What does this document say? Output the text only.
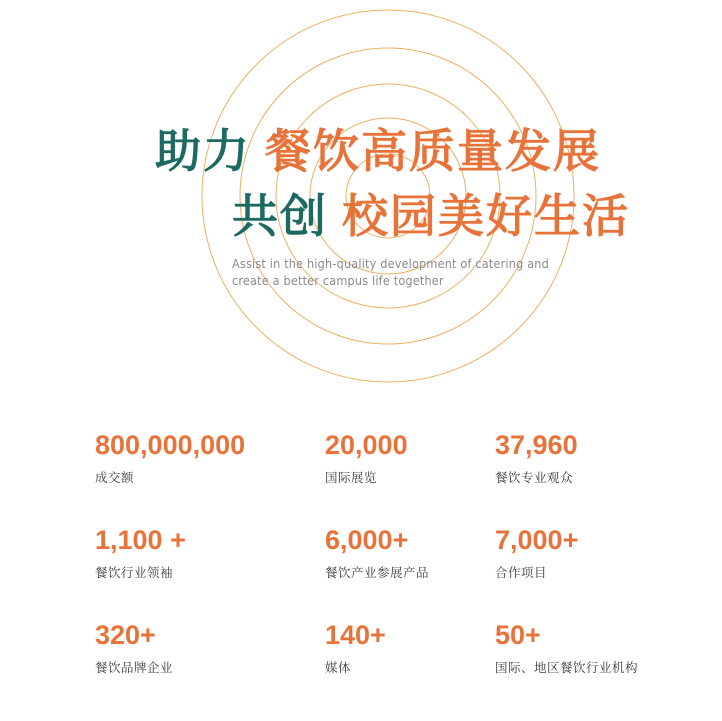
助力 餐饮高质量发展
共创 校园美好生活
Assist in the high-quality development of catering and create a better campus life together
800,000,000
成交额
20,000
国际展览
37,960
餐饮专业观众
1,100 +
餐饮行业领袖
6,000+
餐饮产业参展产品
7,000+
合作项目
320+
餐饮品牌企业
140+
媒体
50+
国际、地区餐饮行业机构
